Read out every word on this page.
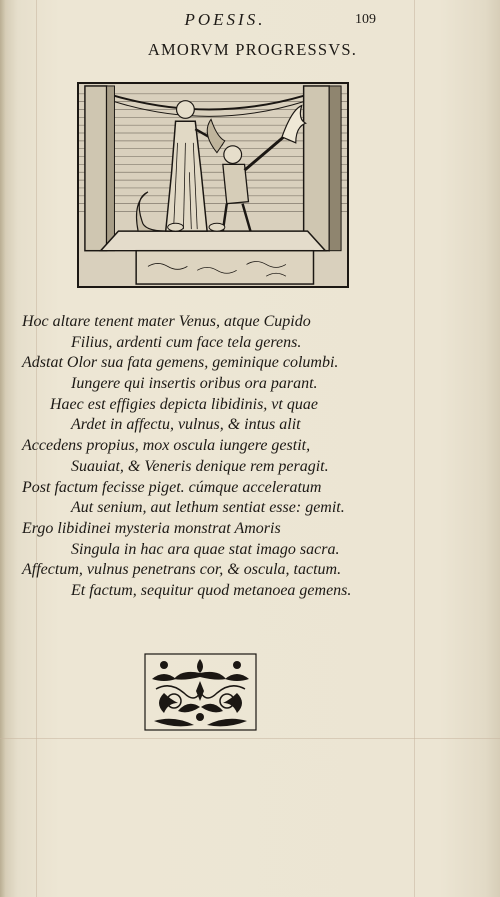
POESIS.	109
AMORVM PROGRESSVS.
Hoc altare tenent mater Venus, atque Cupido
Filius, ardenti cum face tela gerens.
Adstat Olor sua fata gemens, geminique columbi.
Iungere qui insertis oribus ora parant.
Haec est effigies depicta libidinis, vt quae
Ardet in affectu, vulnus, & intus alit
Accedens propius, mox oscula iungere gestit,
Suauiat, & Veneris denique rem peragit.
Post factum fecisse piget. cúmque acceleratum
Aut senium, aut lethum sentiat esse: gemit.
Ergo libidinei mysteria monstrat Amoris
Singula in hac ara quae stat imago sacra.
Affectum, vulnus penetrans cor, & oscula, tactum.
Et factum, sequitur quod metanoea gemens.
